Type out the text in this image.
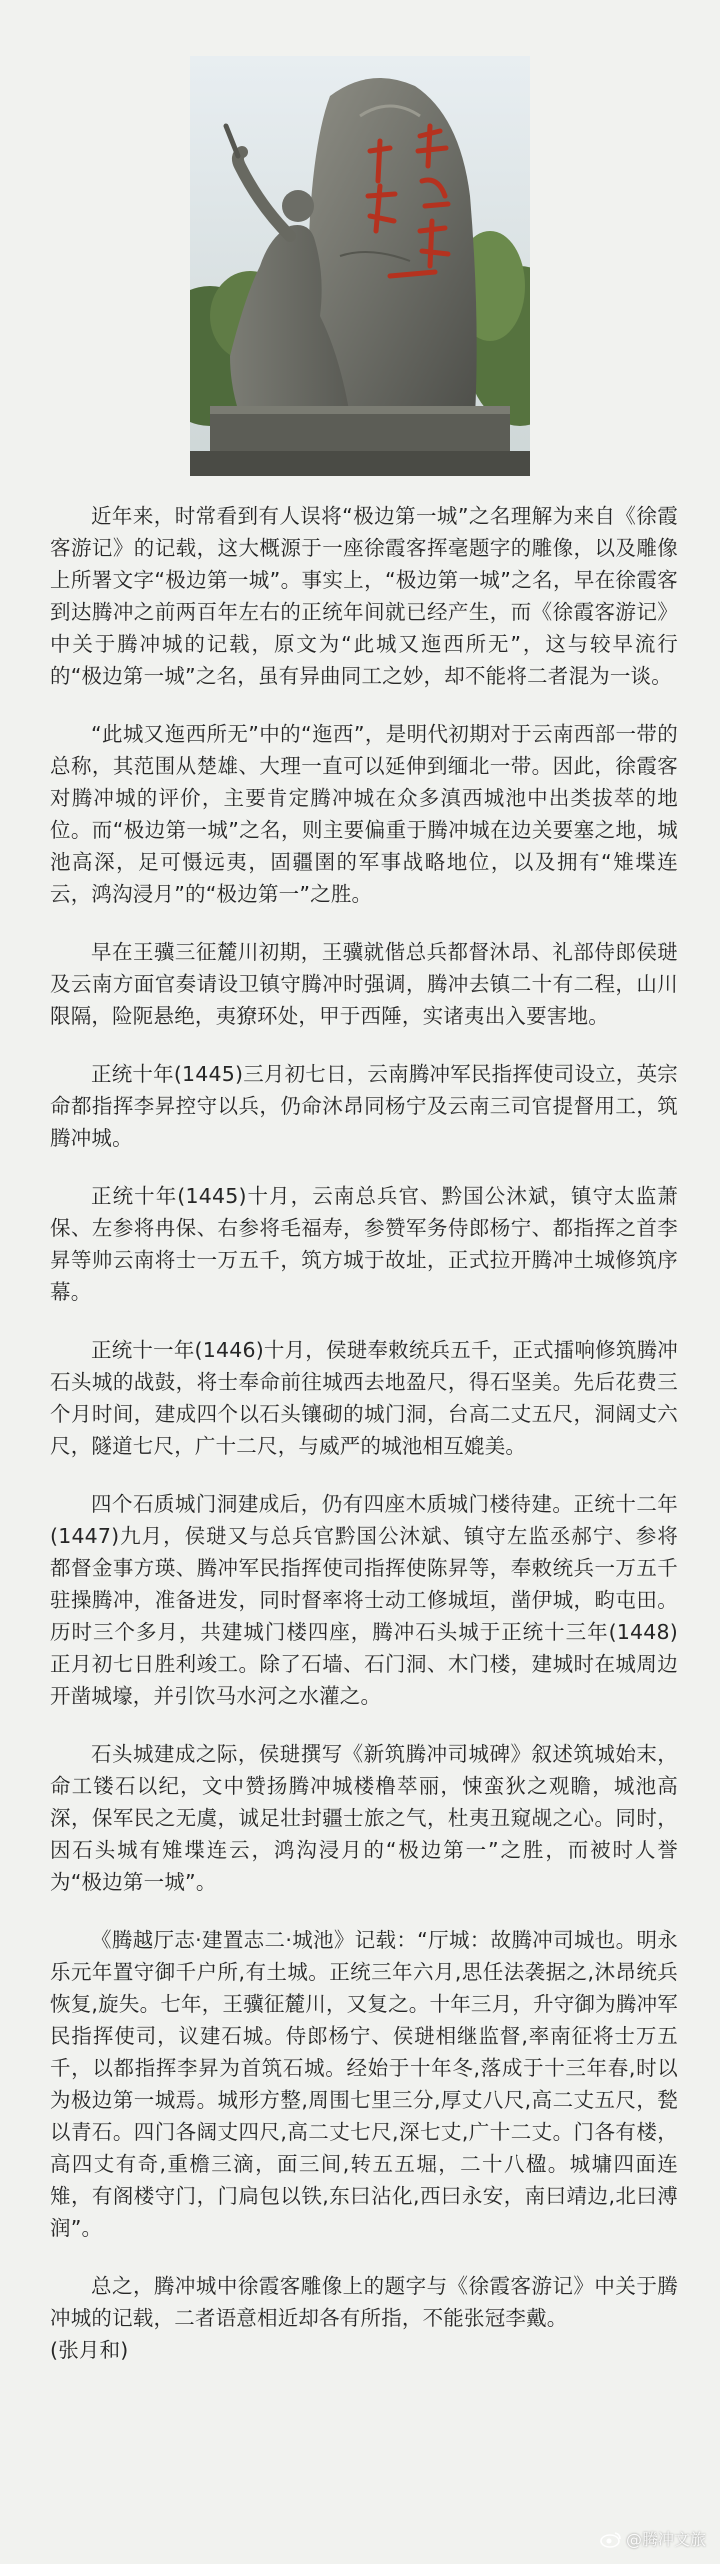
近年来，时常看到有人误将“极边第一城”之名理解为来自《徐霞客游记》的记载，这大概源于一座徐霞客挥毫题字的雕像，以及雕像上所署文字“极边第一城”。事实上，“极边第一城”之名，早在徐霞客到达腾冲之前两百年左右的正统年间就已经产生，而《徐霞客游记》中关于腾冲城的记载，原文为“此城又迤西所无”，这与较早流行的“极边第一城”之名，虽有异曲同工之妙，却不能将二者混为一谈。

“此城又迤西所无”中的“迤西”，是明代初期对于云南西部一带的总称，其范围从楚雄、大理一直可以延伸到缅北一带。因此，徐霞客对腾冲城的评价，主要肯定腾冲城在众多滇西城池中出类拔萃的地位。而“极边第一城”之名，则主要偏重于腾冲城在边关要塞之地，城池高深，足可慑远夷，固疆圉的军事战略地位，以及拥有“雉堞连云，鸿沟浸月”的“极边第一”之胜。

早在王骥三征麓川初期，王骥就偕总兵都督沐昂、礼部侍郎侯琎及云南方面官奏请设卫镇守腾冲时强调，腾冲去镇二十有二程，山川限隔，险阨悬绝，夷獠环处，甲于西陲，实诸夷出入要害地。

正统十年(1445)三月初七日，云南腾冲军民指挥使司设立，英宗命都指挥李昇控守以兵，仍命沐昂同杨宁及云南三司官提督用工，筑腾冲城。

正统十年(1445)十月，云南总兵官、黔国公沐斌，镇守太监萧保、左参将冉保、右参将毛福寿，参赞军务侍郎杨宁、都指挥之首李昇等帅云南将士一万五千，筑方城于故址，正式拉开腾冲土城修筑序幕。

正统十一年(1446)十月，侯琎奉敕统兵五千，正式擂响修筑腾冲石头城的战鼓，将士奉命前往城西去地盈尺，得石坚美。先后花费三个月时间，建成四个以石头镶砌的城门洞，台高二丈五尺，洞阔丈六尺，隧道七尺，广十二尺，与威严的城池相互媲美。

四个石质城门洞建成后，仍有四座木质城门楼待建。正统十二年(1447)九月，侯琎又与总兵官黔国公沐斌、镇守左监丞郝宁、参将都督金事方瑛、腾冲军民指挥使司指挥使陈昇等，奉敕统兵一万五千驻操腾冲，准备进发，同时督率将士动工修城垣，凿伊城，畇屯田。历时三个多月，共建城门楼四座，腾冲石头城于正统十三年(1448)正月初七日胜利竣工。除了石墙、石门洞、木门楼，建城时在城周边开凿城壕，并引饮马水河之水灌之。

石头城建成之际，侯琎撰写《新筑腾冲司城碑》叙述筑城始末，命工镂石以纪，文中赞扬腾冲城楼橹萃丽，悚蛮狄之观瞻，城池高深，保军民之无虞，诚足壮封疆士旅之气，杜夷丑窥觇之心。同时，因石头城有雉堞连云，鸿沟浸月的“极边第一”之胜，而被时人誉为“极边第一城”。

《腾越厅志·建置志二·城池》记载：“厅城：故腾冲司城也。明永乐元年置守御千户所,有土城。正统三年六月,思任法袭据之,沐昂统兵恢复,旋失。七年，王骥征麓川，又复之。十年三月，升守御为腾冲军民指挥使司，议建石城。侍郎杨宁、侯琎相继监督,率南征将士万五千，以都指挥李昇为首筑石城。经始于十年冬,落成于十三年春,时以为极边第一城焉。城形方整,周围七里三分,厚丈八尺,高二丈五尺，甃以青石。四门各阔丈四尺,高二丈七尺,深七丈,广十二丈。门各有楼，高四丈有奇,重檐三滴，面三间,转五五堀，二十八楹。城墉四面连雉，有阁楼守门，门扃包以铁,东曰沾化,西曰永安，南曰靖边,北曰溥润”。

总之，腾冲城中徐霞客雕像上的题字与《徐霞客游记》中关于腾冲城的记载，二者语意相近却各有所指，不能张冠李戴。

(张月和)

@腾冲文旅
